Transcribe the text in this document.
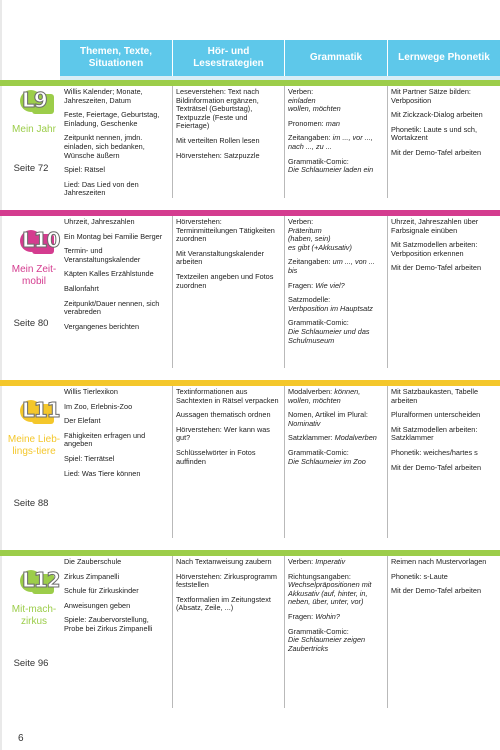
Themen, Texte, Situationen
Hör- und Lesestrategien
Grammatik	Lernwege Phonetik
L9
Mein Jahr
Seite 72

Willis Kalender; Monate, Jahreszeiten, Datum

Feste, Feiertage, Geburtstag, Einladung, Geschenke

Zeitpunkt nennen, jmdn. einladen, sich bedanken, Wünsche äußern

Spiel: Rätsel

Lied: Das Lied von den Jahreszeiten

Leseverstehen: Text nach Bildinformation ergänzen, Texträtsel (Geburtstag), Textpuzzle (Feste und Feiertage)

Mit verteilten Rollen lesen

Hörverstehen: Satzpuzzle

Verben:

einladen

wollen, möchten

Pronomen: man

Zeitangaben: im ..., vor ..., nach ..., zu ...

Grammatik-Comic:

Die Schlaumeier laden ein

Mit Partner Sätze bilden: Verbposition

Mit Zickzack-Dialog arbeiten

Phonetik: Laute s und sch, Wortakzent

Mit der Demo-Tafel arbeiten

L10
Mein Zeit-mobil
Seite 80

Uhrzeit, Jahreszahlen

Ein Montag bei Familie Berger

Termin- und Veranstaltungskalender

Käpten Kalles Erzählstunde

Ballonfahrt

Zeitpunkt/Dauer nennen, sich verabreden

Vergangenes berichten

Hörverstehen: Terminmitteilungen Tätigkeiten zuordnen

Mit Veranstaltungskalender arbeiten

Textzeilen angeben und Fotos zuordnen

Verben:

Präteritum

(haben, sein)

es gibt (+Akkusativ)

Zeitangaben: um ..., von ... bis

Fragen: Wie viel?

Satzmodelle:

Verbposition im Hauptsatz

Grammatik-Comic:

Die Schlaumeier und das Schulmuseum

Uhrzeit, Jahreszahlen über Farbsignale einüben

Mit Satzmodellen arbeiten: Verbposition erkennen

Mit der Demo-Tafel arbeiten

L11
Meine Lieb-lings-tiere
Seite 88

Willis Tierlexikon

Im Zoo, Erlebnis-Zoo

Der Elefant

Fähigkeiten erfragen und angeben

Spiel: Tierrätsel

Lied: Was Tiere können

Textinformationen aus Sachtexten in Rätsel verpacken

Aussagen thematisch ordnen

Hörverstehen: Wer kann was gut?

Schlüsselwörter in Fotos auffinden

Modalverben: können, wollen, möchten

Nomen, Artikel im Plural: Nominativ

Satzklammer: Modalverben

Grammatik-Comic:

Die Schlaumeier im Zoo

Mit Satzbaukasten, Tabelle arbeiten

Pluralformen unterscheiden

Mit Satzmodellen arbeiten: Satzklammer

Phonetik: weiches/hartes s

Mit der Demo-Tafel arbeiten

L12
Mit-mach-zirkus
Seite 96

Die Zauberschule

Zirkus Zimpanelli

Schule für Zirkuskinder

Anweisungen geben

Spiele: Zaubervorstellung, Probe bei Zirkus Zimpanelli

Nach Textanweisung zaubern

Hörverstehen: Zirkusprogramm feststellen

Textformalien im Zeitungstext (Absatz, Zeile, ...)

Verben: Imperativ

Richtungsangaben:

Wechselpräpositionen mit Akkusativ (auf, hinter, in, neben, über, unter, vor)

Fragen: Wohin?

Grammatik-Comic:

Die Schlaumeier zeigen Zaubertricks

Reimen nach Mustervorlagen

Phonetik: s-Laute

Mit der Demo-Tafel arbeiten

6
